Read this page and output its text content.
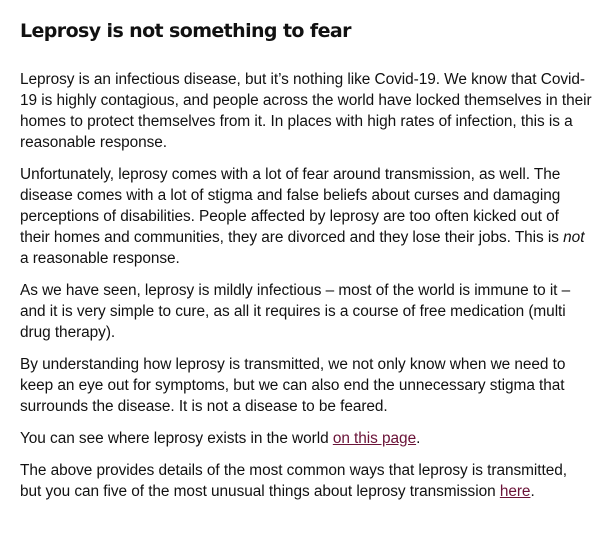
Leprosy is not something to fear

Leprosy is an infectious disease, but it’s nothing like Covid-19. We know that Covid-19 is highly contagious, and people across the world have locked themselves in their homes to protect themselves from it. In places with high rates of infection, this is a reasonable response.

Unfortunately, leprosy comes with a lot of fear around transmission, as well. The disease comes with a lot of stigma and false beliefs about curses and damaging perceptions of disabilities. People affected by leprosy are too often kicked out of their homes and communities, they are divorced and they lose their jobs. This is not a reasonable response.

As we have seen, leprosy is mildly infectious – most of the world is immune to it – and it is very simple to cure, as all it requires is a course of free medication (multi drug therapy).

By understanding how leprosy is transmitted, we not only know when we need to keep an eye out for symptoms, but we can also end the unnecessary stigma that surrounds the disease. It is not a disease to be feared.

You can see where leprosy exists in the world on this page.

The above provides details of the most common ways that leprosy is transmitted, but you can five of the most unusual things about leprosy transmission here.
